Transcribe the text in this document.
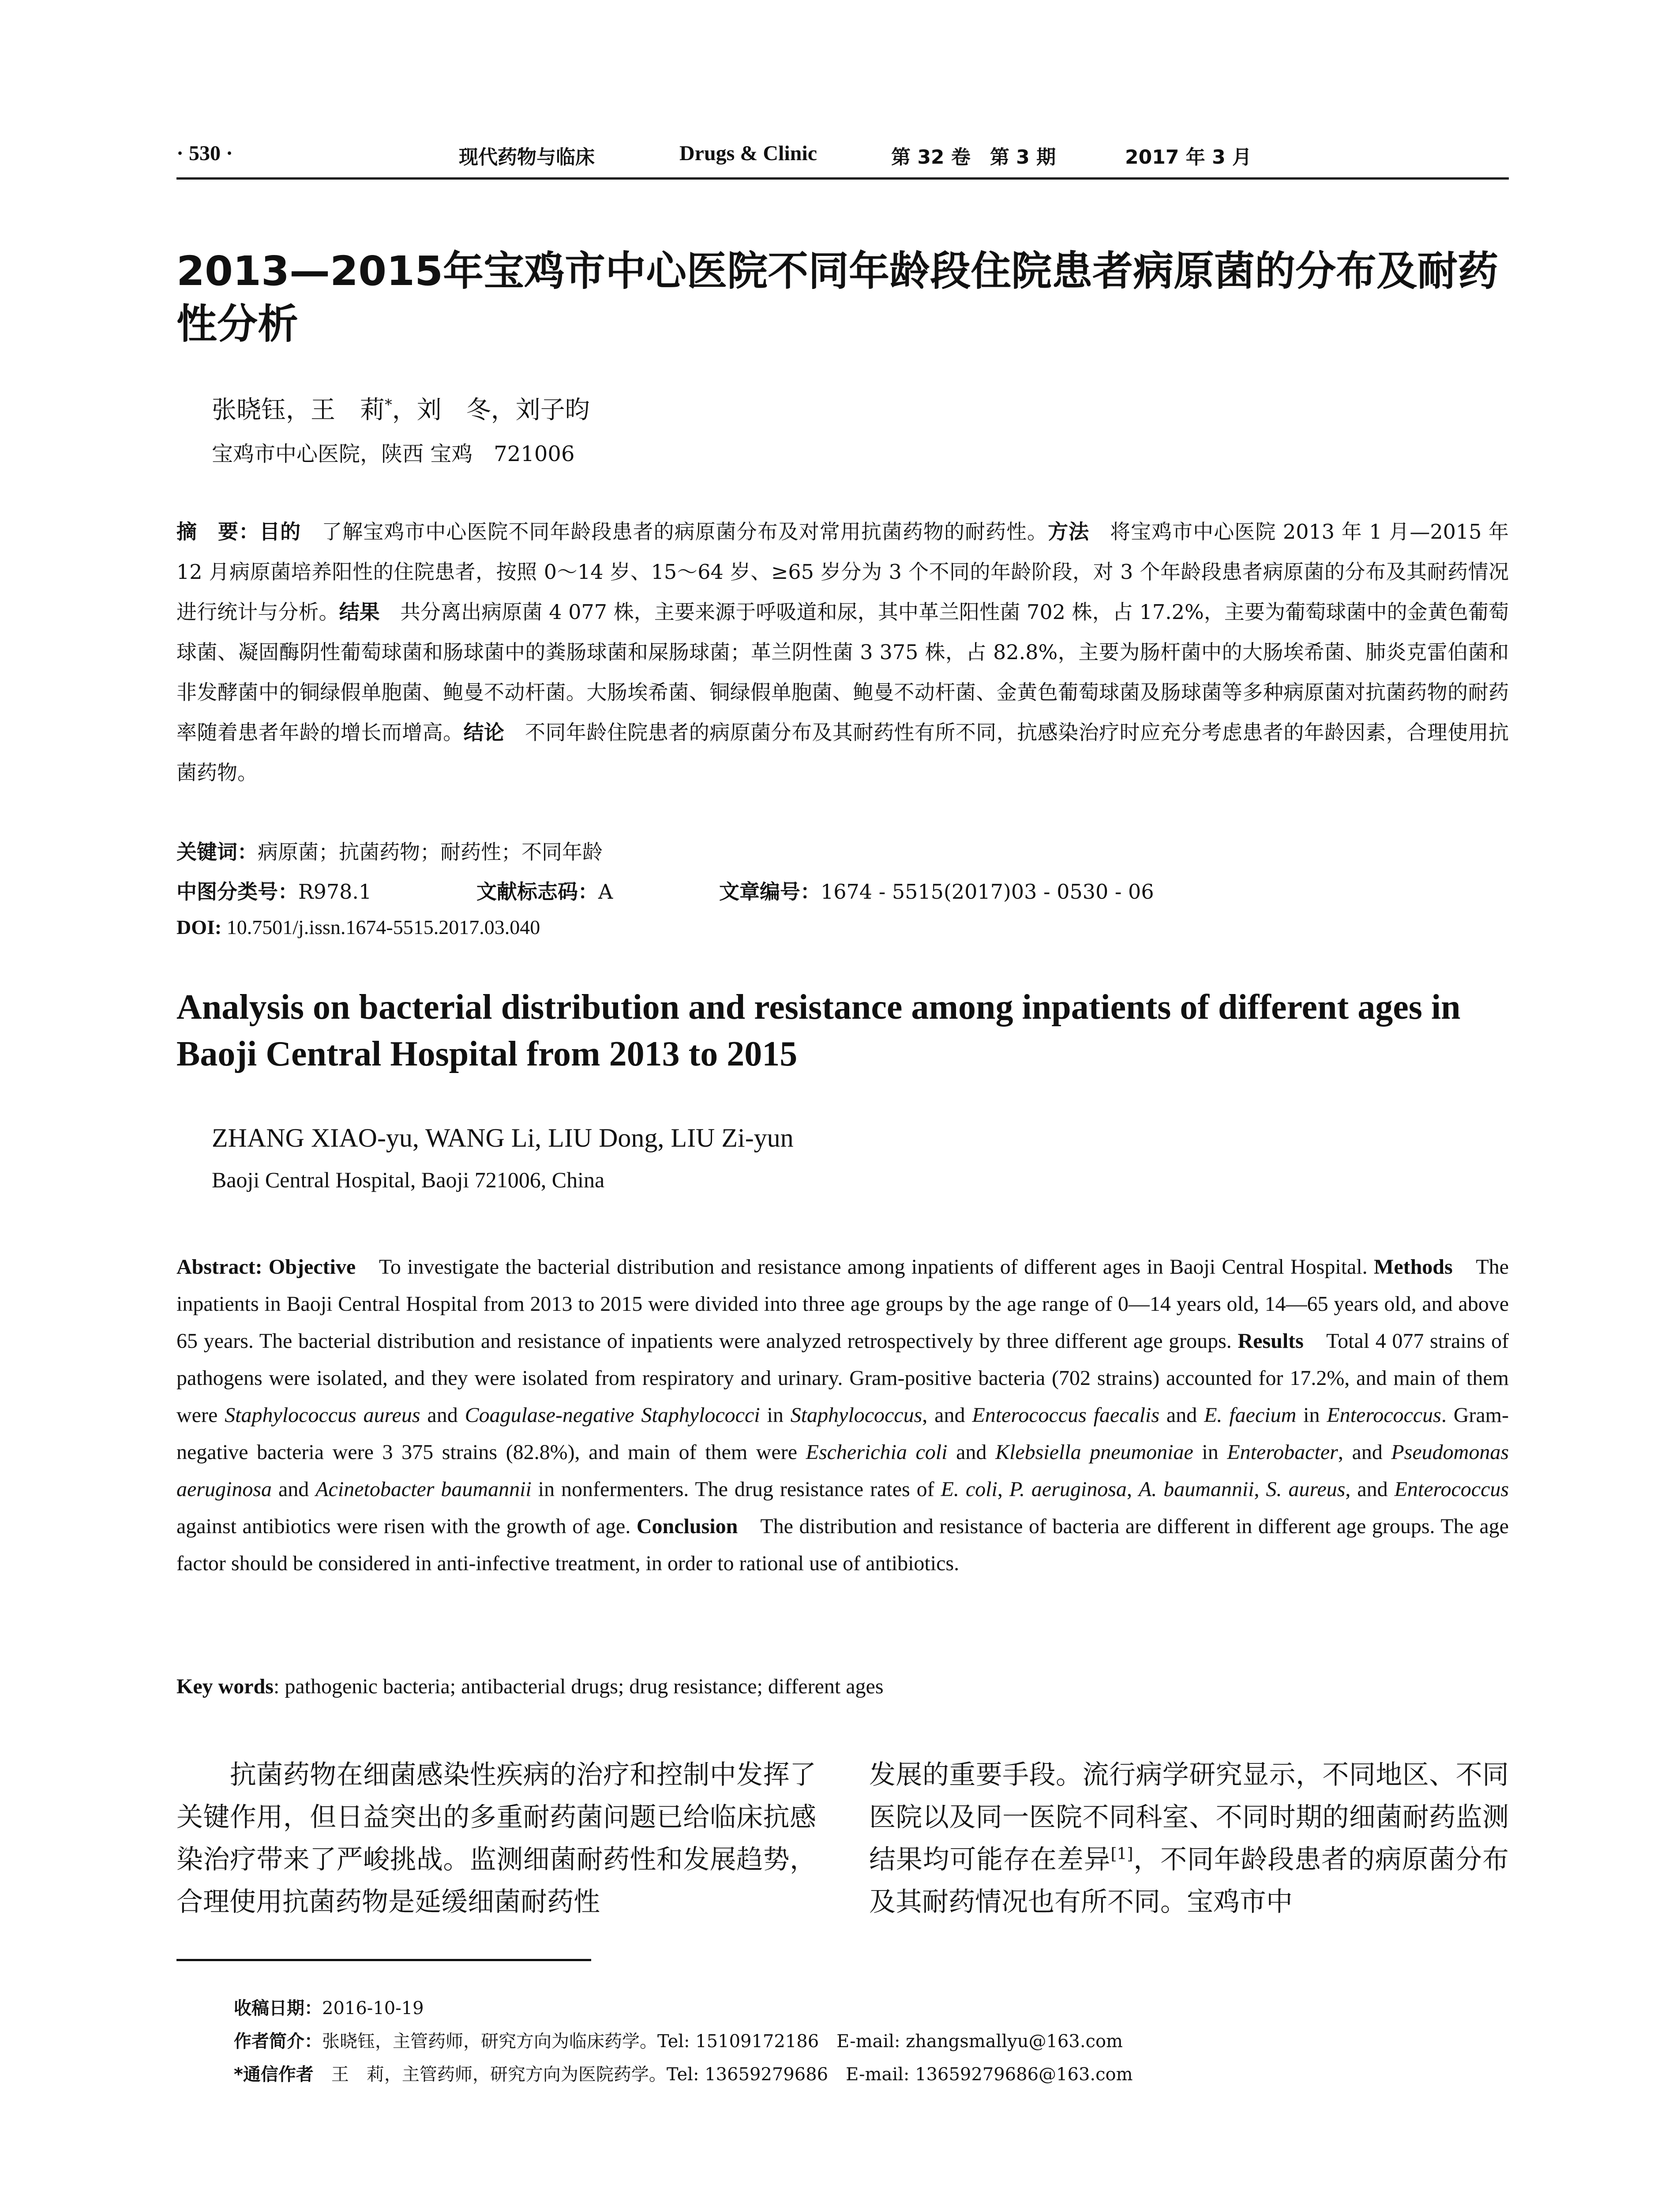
· 530 ·	现代药物与临床	Drugs & Clinic	第 32 卷　第 3 期	2017 年 3 月
2013—2015年宝鸡市中心医院不同年龄段住院患者病原菌的分布及耐药性分析
张晓钰，王　莉*，刘　冬，刘子昀
宝鸡市中心医院，陕西 宝鸡　721006
摘　要：目的　了解宝鸡市中心医院不同年龄段患者的病原菌分布及对常用抗菌药物的耐药性。方法　将宝鸡市中心医院 2013 年 1 月—2015 年 12 月病原菌培养阳性的住院患者，按照 0～14 岁、15～64 岁、≥65 岁分为 3 个不同的年龄阶段，对 3 个年龄段患者病原菌的分布及其耐药情况进行统计与分析。结果　共分离出病原菌 4 077 株，主要来源于呼吸道和尿，其中革兰阳性菌 702 株，占 17.2%，主要为葡萄球菌中的金黄色葡萄球菌、凝固酶阴性葡萄球菌和肠球菌中的粪肠球菌和屎肠球菌；革兰阴性菌 3 375 株，占 82.8%，主要为肠杆菌中的大肠埃希菌、肺炎克雷伯菌和非发酵菌中的铜绿假单胞菌、鲍曼不动杆菌。大肠埃希菌、铜绿假单胞菌、鲍曼不动杆菌、金黄色葡萄球菌及肠球菌等多种病原菌对抗菌药物的耐药率随着患者年龄的增长而增高。结论　不同年龄住院患者的病原菌分布及其耐药性有所不同，抗感染治疗时应充分考虑患者的年龄因素，合理使用抗菌药物。
关键词：病原菌；抗菌药物；耐药性；不同年龄
中图分类号：R978.1	文献标志码：A	文章编号：1674 - 5515(2017)03 - 0530 - 06
DOI: 10.7501/j.issn.1674-5515.2017.03.040
Analysis on bacterial distribution and resistance among inpatients of different ages in Baoji Central Hospital from 2013 to 2015
ZHANG XIAO-yu, WANG Li, LIU Dong, LIU Zi-yun
Baoji Central Hospital, Baoji 721006, China
Abstract: Objective　To investigate the bacterial distribution and resistance among inpatients of different ages in Baoji Central Hospital. Methods　The inpatients in Baoji Central Hospital from 2013 to 2015 were divided into three age groups by the age range of 0—14 years old, 14—65 years old, and above 65 years. The bacterial distribution and resistance of inpatients were analyzed retrospectively by three different age groups. Results　Total 4 077 strains of pathogens were isolated, and they were isolated from respiratory and urinary. Gram-positive bacteria (702 strains) accounted for 17.2%, and main of them were Staphylococcus aureus and Coagulase-negative Staphylococci in Staphylococcus, and Enterococcus faecalis and E. faecium in Enterococcus. Gram-negative bacteria were 3 375 strains (82.8%), and main of them were Escherichia coli and Klebsiella pneumoniae in Enterobacter, and Pseudomonas aeruginosa and Acinetobacter baumannii in nonfermenters. The drug resistance rates of E. coli, P. aeruginosa, A. baumannii, S. aureus, and Enterococcus against antibiotics were risen with the growth of age. Conclusion　The distribution and resistance of bacteria are different in different age groups. The age factor should be considered in anti-infective treatment, in order to rational use of antibiotics.
Key words: pathogenic bacteria; antibacterial drugs; drug resistance; different ages
　　抗菌药物在细菌感染性疾病的治疗和控制中发挥了关键作用，但日益突出的多重耐药菌问题已给临床抗感染治疗带来了严峻挑战。监测细菌耐药性和发展趋势，合理使用抗菌药物是延缓细菌耐药性
发展的重要手段。流行病学研究显示，不同地区、不同医院以及同一医院不同科室、不同时期的细菌耐药监测结果均可能存在差异[1]，不同年龄段患者的病原菌分布及其耐药情况也有所不同。宝鸡市中
收稿日期：2016-10-19
作者简介：张晓钰，主管药师，研究方向为临床药学。Tel: 15109172186　E-mail: zhangsmallyu@163.com
*通信作者　王　莉，主管药师，研究方向为医院药学。Tel: 13659279686　E-mail: 13659279686@163.com
